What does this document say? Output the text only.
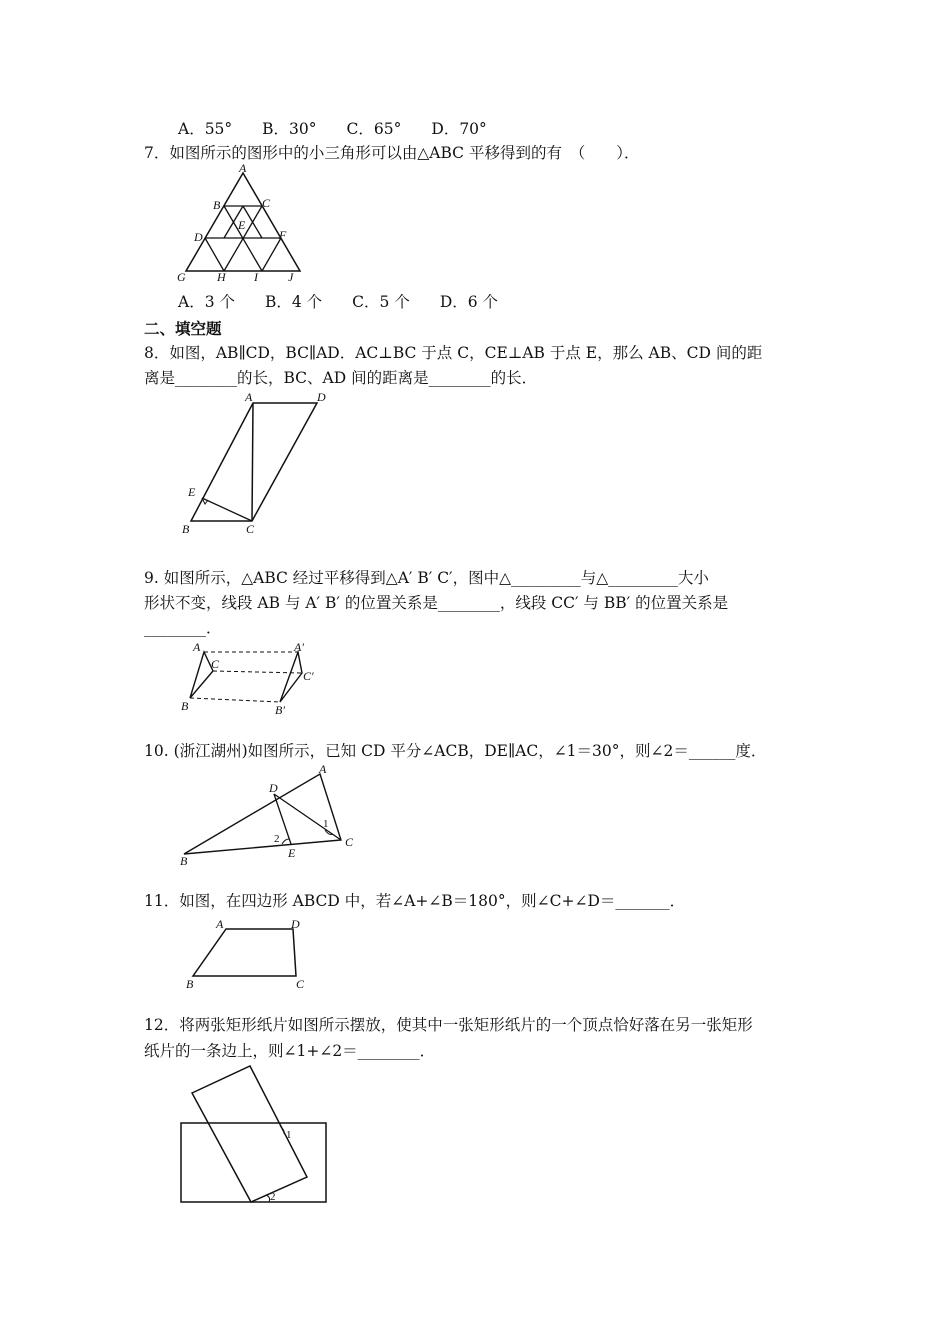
A．55° B．30° C．65° D．70°
7．如图所示的图形中的小三角形可以由△ABC 平移得到的有　（　　）．
A
B	C
E
D	F
G	H I	J
A．3 个 B．4 个 C．5 个 D．6 个
二、填空题
8．如图，AB∥CD，BC∥AD．AC⊥BC 于点 C，CE⊥AB 于点 E，那么 AB、CD 间的距
离是________的长，BC、AD 间的距离是________的长．
A	D
E
B	C
9. 如图所示，△ABC 经过平移得到△A′ B′ C′，图中△_________与△_________大小
形状不变，线段 AB 与 A′ B′ 的位置关系是________，线段 CC′ 与 BB′ 的位置关系是
________．
A
C
B
A′
C′
B′
10. (浙江湖州)如图所示，已知 CD 平分∠ACB，DE∥AC，∠1＝30°，则∠2＝______度．
A
D
1
2	C
E
B
11．如图，在四边形 ABCD 中，若∠A+∠B＝180°，则∠C+∠D＝_______．
A	D
B	C
12．将两张矩形纸片如图所示摆放，使其中一张矩形纸片的一个顶点恰好落在另一张矩形
纸片的一条边上，则∠1+∠2＝________．
1
2
